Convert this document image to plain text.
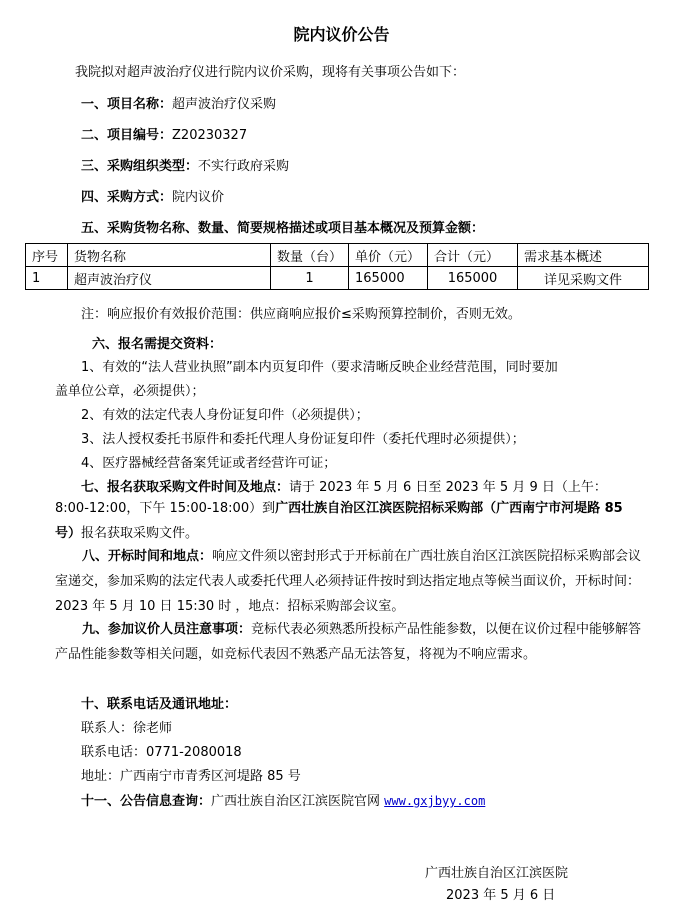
院内议价公告
我院拟对超声波治疗仪进行院内议价采购，现将有关事项公告如下：
一、项目名称：超声波治疗仪采购
二、项目编号：Z20230327
三、采购组织类型：不实行政府采购
四、采购方式：院内议价
五、采购货物名称、数量、简要规格描述或项目基本概况及预算金额：
序号	货物名称	数量（台）	单价（元）	合计（元）	需求基本概述
1	超声波治疗仪	1	165000	165000	详见采购文件
注：响应报价有效报价范围：供应商响应报价≤采购预算控制价，否则无效。
六、报名需提交资料：
1、有效的“法人营业执照”副本内页复印件（要求清晰反映企业经营范围，同时要加
盖单位公章，必须提供）；
2、有效的法定代表人身份证复印件（必须提供）；
3、法人授权委托书原件和委托代理人身份证复印件（委托代理时必须提供）；
4、医疗器械经营备案凭证或者经营许可证；
七、报名获取采购文件时间及地点：请于 2023 年 5 月 6 日至 2023 年 5 月 9 日（上午：
8:00-12:00，下午 15:00-18:00）到广西壮族自治区江滨医院招标采购部（广西南宁市河堤路 85 号）报名获取采购文件。
八、开标时间和地点：响应文件须以密封形式于开标前在广西壮族自治区江滨医院招标采购部会议室递交，参加采购的法定代表人或委托代理人必须持证件按时到达指定地点等候当面议价，开标时间：2023 年 5 月 10 日 15:30 时 ，地点：招标采购部会议室。
九、参加议价人员注意事项：竞标代表必须熟悉所投标产品性能参数，以便在议价过程中能够解答产品性能参数等相关问题，如竞标代表因不熟悉产品无法答复，将视为不响应需求。
十、联系电话及通讯地址：
联系人：徐老师
联系电话：0771-2080018
地址：广西南宁市青秀区河堤路 85 号
十一、公告信息查询：广西壮族自治区江滨医院官网 www.gxjbyy.com
广西壮族自治区江滨医院
2023 年 5 月 6 日
